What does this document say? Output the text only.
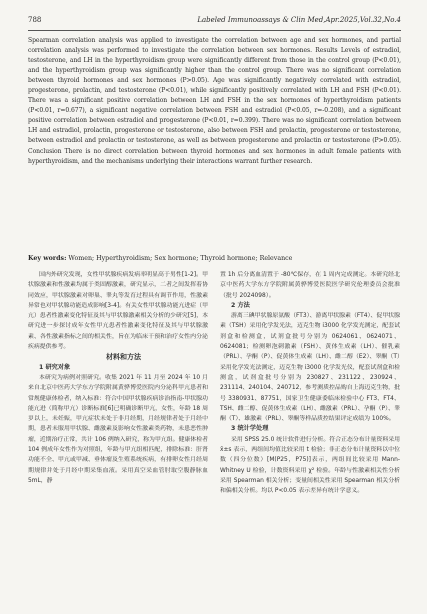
788	Labeled Immunoassays & Clin Med,Apr.2025,Vol.32,No.4

Spearman correlation analysis was applied to investigate the correlation between age and sex hormones, and partial correlation analysis was performed to investigate the correlation between sex hormones. Results Levels of estradiol, testosterone, and LH in the hyperthyroidism group were significantly different from those in the control group (P<0.01), and the hyperthyroidism group was significantly higher than the control group. There was no significant correlation between thyroid hormones and sex hormones (P>0.05). Age was significantly negatively correlated with estradiol, progesterone, prolactin, and testosterone (P<0.01), while significantly positively correlated with LH and FSH (P<0.01). There was a significant positive correlation between LH and FSH in the sex hormones of hyperthyroidism patients (P<0.01, r=0.677), a significant negative correlation between FSH and estradiol (P<0.05, r=-0.208), and a significant positive correlation between estradiol and progesterone (P<0.01, r=0.399). There was no significant correlation between LH and estradiol, prolactin, progesterone or testosterone, also between FSH and prolactin, progesterone or testosterone, between estradiol and prolactin or testosterone, as well as between progesterone and prolactin or testosterone (P>0.05). Conclusion There is no direct correlation between thyroid hormones and sex hormones in adult female patients with hyperthyroidism, and the mechanisms underlying their interactions warrant further research.

Key words: Women; Hyperthyroidism; Sex hormone; Thyroid hormone; Relevance

国内外研究发现，女性甲状腺疾病发病率明显高于男性[1-2]。甲状腺激素和性激素均属于类固醇激素，研究显示，二者之间发挥着协同效应，甲状腺激素对卵巢、睾丸等发育过程具有调节作用，性激素异常也对甲状腺功能造成影响[3-4]。有关女性甲状腺功能亢进症（甲亢）患者性激素变化特征及其与甲状腺激素相关分析的少研究[5]，本研究进一步探讨成年女性甲亢患者性激素变化特征及其与甲状腺激素、各性激素指标之间的相关性，旨在为临床干预和治疗女性内分泌疾病提供参考。

材料和方法

1 研究对象

本研究为病例对照研究。收集 2021 年 11 月至 2024 年 10 月来自北京中医药大学东方学院附属黄骅博爱医院内分泌科甲亢患者和常规健康体检者，纳入标准：符合中国甲状腺疾病诊治指南-甲状腺功能亢进（简称甲亢）诊断标准[6]已明确诊断甲亢，女性，年龄 18 周岁以上，未妊娠，甲亢症状未处于非月经期，月经规律者处于月经中期，患者未服用甲状腺、雌激素及影响女性激素类药物，未患恶性肿瘤，近期治疗正常，共计 106 例纳入研究，称为甲亢组。健康体检者 104 例成年女性作为对照组，年龄与甲亢组相匹配，排除标准：肝肾功能不全、甲亢或甲减、垂体瘤及生殖系统疾病，有排卵女性月经周期规律并处于月经中期采集血液。采用真空采血管肘取空腹静脉血 5mL，静

置 1h 后分离血清置于 -80℃保存，在 1 周内完成测定。本研究经北京中医药大学东方学院附属黄骅博爱医院医学研究伦理委员会批准（批号 2024098）。

2 方法

游离三碘甲状腺原氨酸（FT3）、游离甲状腺素（FT4）、促甲状腺素（TSH）采用化学发光法，迈克生物 i3000 化学发光测定，配套试剂盒和检测盒，试剂盒批号分别为 0624061、0624071、0624081；检测卵泡刺激素（FSH）、黄体生成素（LH）、催乳素（PRL）、孕酮（P）、促黄体生成素（LH）、雌二醇（E2）、睾酮（T）采用化学发光法测定，迈克生物 i3000 化学发光仪，配套试剂盒和检测盒，试剂盒批号分别为 230827、231122、230924、231114、240104、240712，参考测质控品购自上海迈克生物，批号 3380931、87751，国家卫生健康委临床检验中心 FT3、FT4、TSH、雌二醇、促黄体生成素（LH）、雌激素（PRL）、孕酮（P）、睾酮（T）、雄激素（PRL）、睾酮等样品质控结果评定成绩为 100%。

3 统计学处理

采用 SPSS 25.0 统计软件进行分析。符合正态分布计量资料采用 x̄±s 表示，两组间均值比较采用 t 检验；非正态分布计量资料以中位数（四分位数）[M(P25，P75)]表示，两组间比较采用 Mann-Whitney U 检验，计数资料采用 χ² 检验。年龄与性激素相关性分析采用 Spearman 相关分析；变量间相关性采用 Spearman 相关分析和偏相关分析。均以 P<0.05 表示差异有统计学意义。
